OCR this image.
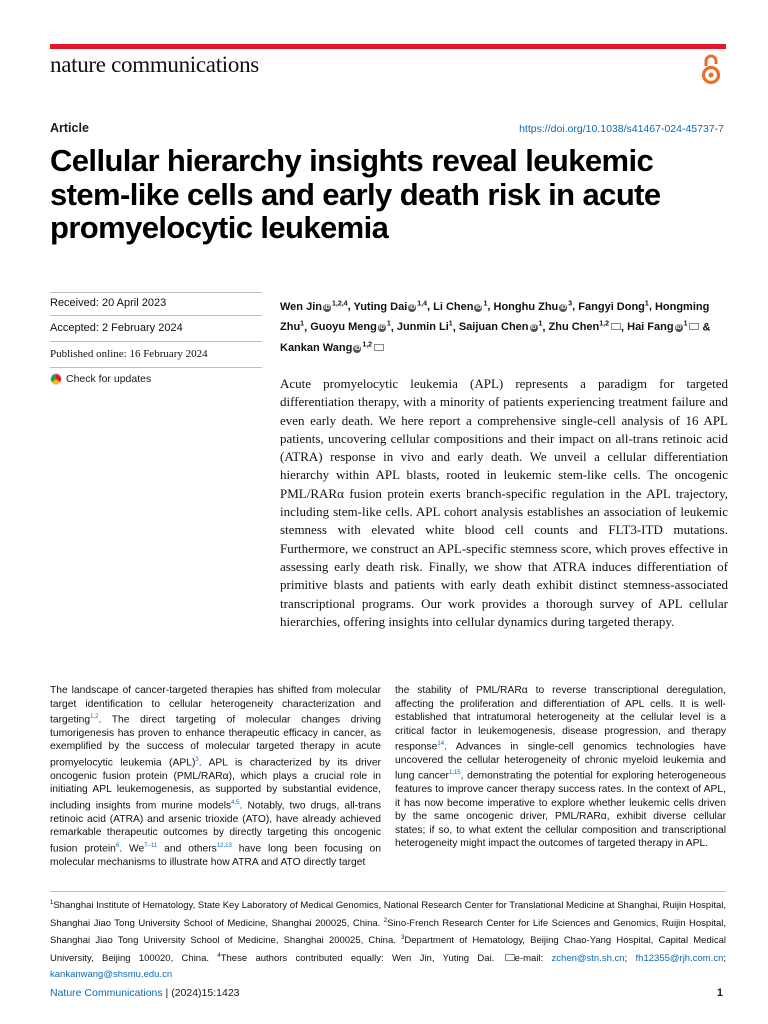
nature communications
Article	https://doi.org/10.1038/s41467-024-45737-7
Cellular hierarchy insights reveal leukemic stem-like cells and early death risk in acute promyelocytic leukemia
Received: 20 April 2023
Accepted: 2 February 2024
Published online: 16 February 2024
Check for updates
Wen Jin iD$^{1,2,4}$, Yuting Dai iD$^{1,4}$, Li Chen $iD^1$, Honghu Zhu $iD^3$, Fangyi Dong$^1$, Hongming Zhu$^1$, Guoyu Meng $iD^1$, Junmin Li$^1$, Saijuan Chen $iD^1$, Zhu Chen$^{1,2}$ , Hai Fang $iD^1$ & Kankan Wang iD$^{1,2}$
Acute promyelocytic leukemia (APL) represents a paradigm for targeted differentiation therapy, with a minority of patients experiencing treatment failure and even early death. We here report a comprehensive single-cell analysis of 16 APL patients, uncovering cellular compositions and their impact on all-trans retinoic acid (ATRA) response in vivo and early death. We unveil a cellular differentiation hierarchy within APL blasts, rooted in leukemic stem-like cells. The oncogenic PML/RARα fusion protein exerts branch-specific regulation in the APL trajectory, including stem-like cells. APL cohort analysis establishes an association of leukemic stemness with elevated white blood cell counts and FLT3-ITD mutations. Furthermore, we construct an APL-specific stemness score, which proves effective in assessing early death risk. Finally, we show that ATRA induces differentiation of primitive blasts and patients with early death exhibit distinct stemness-associated transcriptional programs. Our work provides a thorough survey of APL cellular hierarchies, offering insights into cellular dynamics during targeted therapy.
The landscape of cancer-targeted therapies has shifted from molecular target identification to cellular heterogeneity characterization and targeting$^{1,2}$. The direct targeting of molecular changes driving tumorigenesis has proven to enhance therapeutic efficacy in cancer, as exemplified by the success of molecular targeted therapy in acute promyelocytic leukemia (APL)$^3$. APL is characterized by its driver oncogenic fusion protein (PML/RARα), which plays a crucial role in initiating APL leukemogenesis, as supported by substantial evidence, including insights from murine models$^{4,5}$. Notably, two drugs, all-trans retinoic acid (ATRA) and arsenic trioxide (ATO), have already achieved remarkable therapeutic outcomes by directly targeting this oncogenic fusion protein$^6$. We$^{7-11}$ and others$^{12,13}$ have long been focusing on molecular mechanisms to illustrate how ATRA and ATO directly target
the stability of PML/RARα to reverse transcriptional deregulation, affecting the proliferation and differentiation of APL cells. It is well-established that intratumoral heterogeneity at the cellular level is a critical factor in leukemogenesis, disease progression, and therapy response$^{14}$. Advances in single-cell genomics technologies have uncovered the cellular heterogeneity of chronic myeloid leukemia and lung cancer$^{1,15}$, demonstrating the potential for exploring heterogeneous features to improve cancer therapy success rates. In the context of APL, it has now become imperative to explore whether leukemic cells driven by the same oncogenic driver, PML/RARα, exhibit diverse cellular states; if so, to what extent the cellular composition and transcriptional heterogeneity might impact the outcomes of targeted therapy in APL.
$^1$Shanghai Institute of Hematology, State Key Laboratory of Medical Genomics, National Research Center for Translational Medicine at Shanghai, Ruijin Hospital, Shanghai Jiao Tong University School of Medicine, Shanghai 200025, China. $^2$Sino-French Research Center for Life Sciences and Genomics, Ruijin Hospital, Shanghai Jiao Tong University School of Medicine, Shanghai 200025, China. $^3$Department of Hematology, Beijing Chao-Yang Hospital, Capital Medical University, Beijing 100020, China. $^4$These authors contributed equally: Wen Jin, Yuting Dai. e-mail: zchen@stn.sh.cn; fh12355@rjh.com.cn; kankanwang@shsmu.edu.cn
Nature Communications | (2024)15:1423	1
